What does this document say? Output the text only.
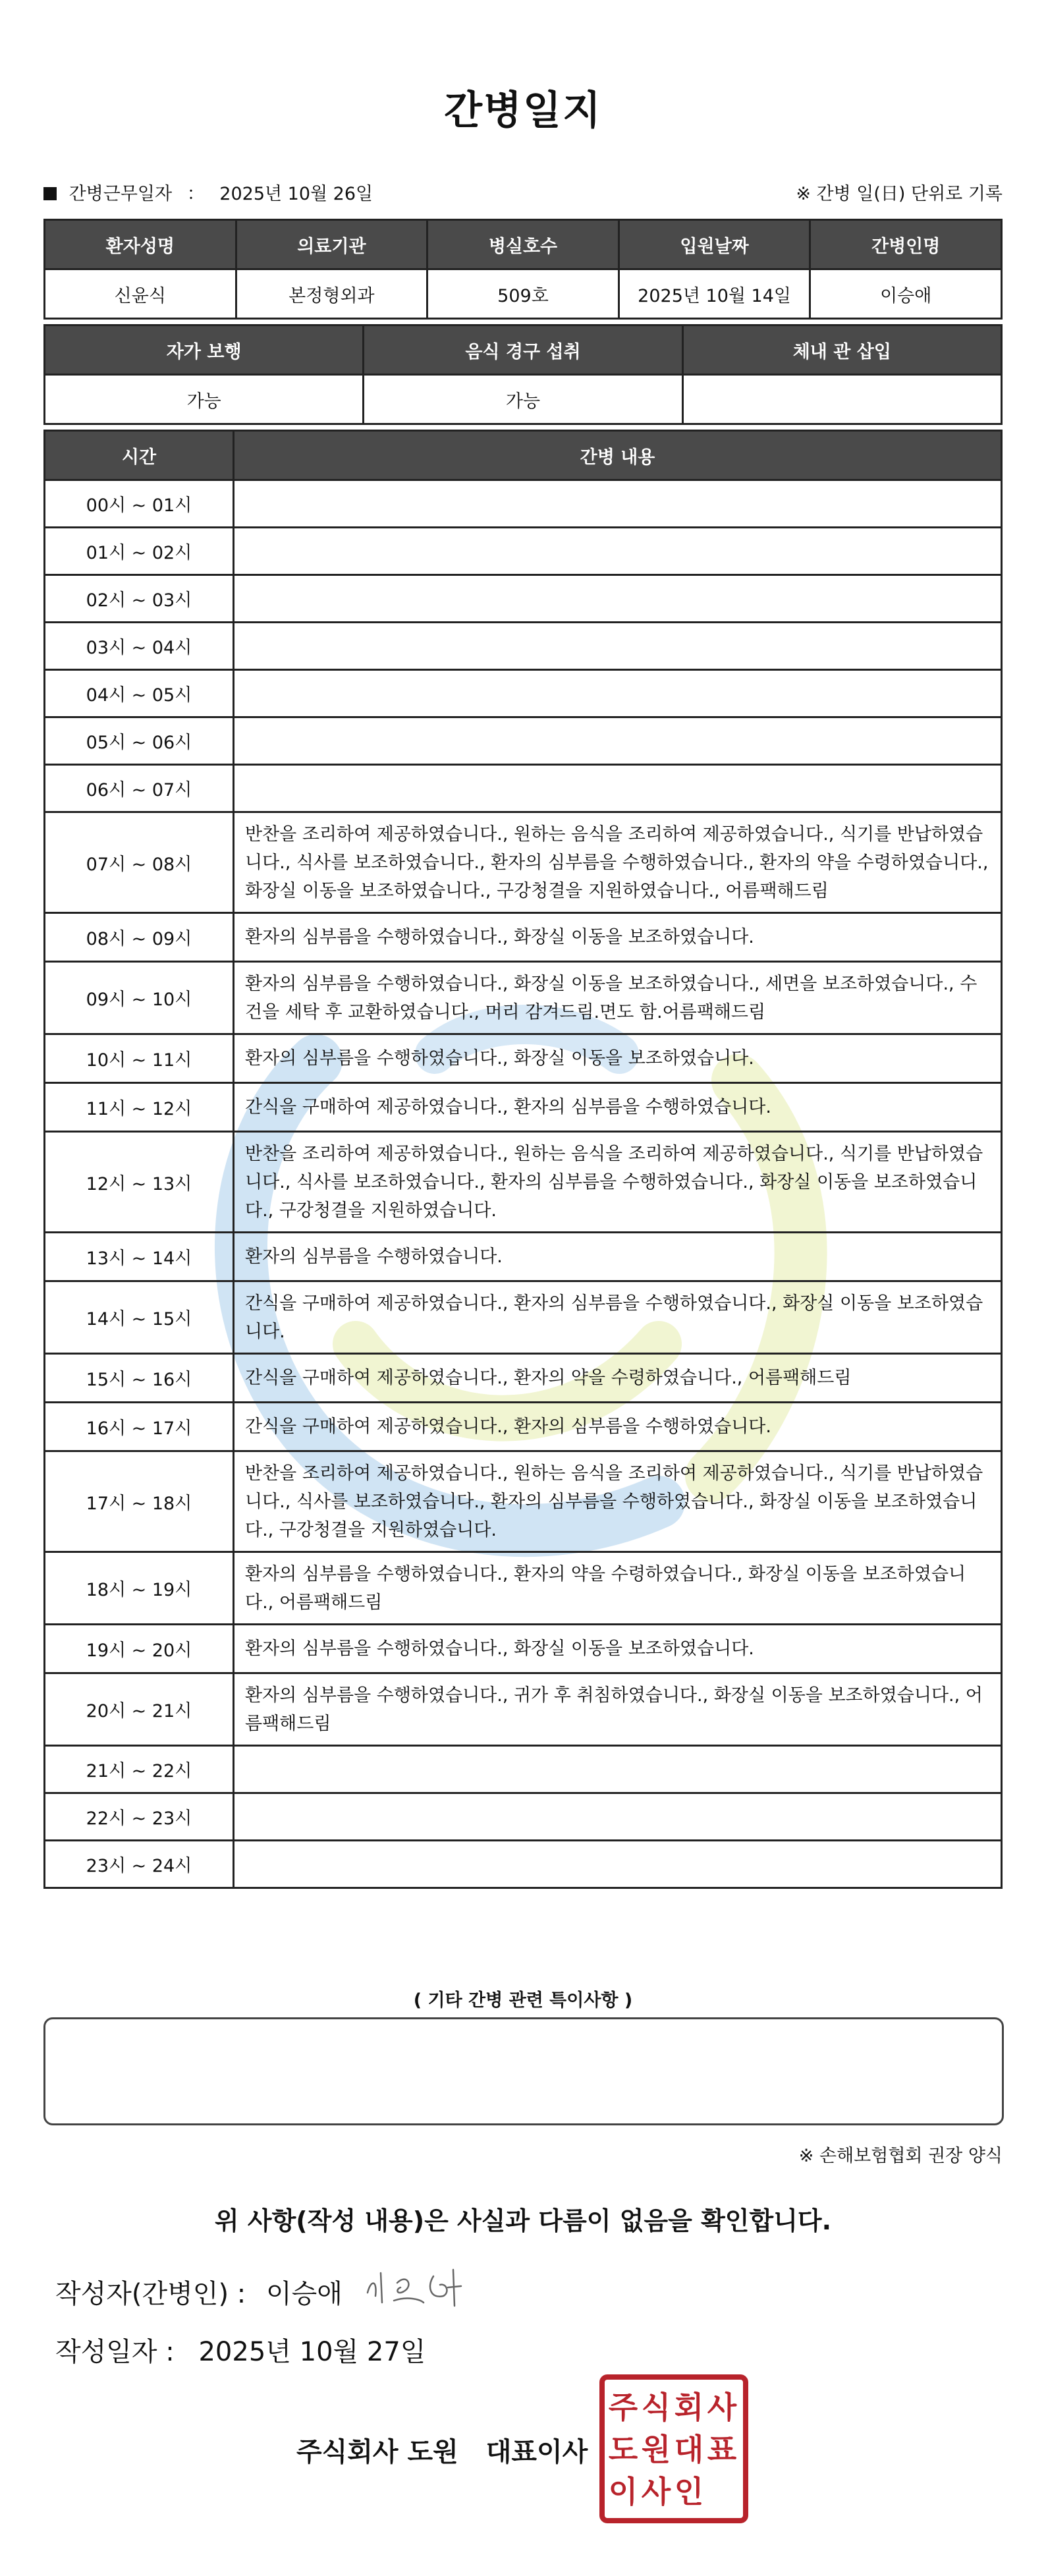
간병일지
간병근무일자 ： 2025년 10월 26일	※ 간병 일(日) 단위로 기록
환자성명	의료기관	병실호수	입원날짜	간병인명
신윤식	본정형외과	509호	2025년 10월 14일	이승애
자가 보행	음식 경구 섭취	체내 관 삽입
가능	가능	
시간	간병 내용
00시 ~ 01시	
01시 ~ 02시	
02시 ~ 03시	
03시 ~ 04시	
04시 ~ 05시	
05시 ~ 06시	
06시 ~ 07시	
07시 ~ 08시	반찬을 조리하여 제공하였습니다., 원하는 음식을 조리하여 제공하였습니다., 식기를 반납하였습니다., 식사를 보조하였습니다., 환자의 심부름을 수행하였습니다., 환자의 약을 수령하였습니다., 화장실 이동을 보조하였습니다., 구강청결을 지원하였습니다., 어름팩해드림
08시 ~ 09시	환자의 심부름을 수행하였습니다., 화장실 이동을 보조하였습니다.
09시 ~ 10시	환자의 심부름을 수행하였습니다., 화장실 이동을 보조하였습니다., 세면을 보조하였습니다., 수건을 세탁 후 교환하였습니다., 머리 감겨드림.면도 함.어름팩해드림
10시 ~ 11시	환자의 심부름을 수행하였습니다., 화장실 이동을 보조하였습니다.
11시 ~ 12시	간식을 구매하여 제공하였습니다., 환자의 심부름을 수행하였습니다.
12시 ~ 13시	반찬을 조리하여 제공하였습니다., 원하는 음식을 조리하여 제공하였습니다., 식기를 반납하였습니다., 식사를 보조하였습니다., 환자의 심부름을 수행하였습니다., 화장실 이동을 보조하였습니다., 구강청결을 지원하였습니다.
13시 ~ 14시	환자의 심부름을 수행하였습니다.
14시 ~ 15시	간식을 구매하여 제공하였습니다., 환자의 심부름을 수행하였습니다., 화장실 이동을 보조하였습니다.
15시 ~ 16시	간식을 구매하여 제공하였습니다., 환자의 약을 수령하였습니다., 어름팩해드림
16시 ~ 17시	간식을 구매하여 제공하였습니다., 환자의 심부름을 수행하였습니다.
17시 ~ 18시	반찬을 조리하여 제공하였습니다., 원하는 음식을 조리하여 제공하였습니다., 식기를 반납하였습니다., 식사를 보조하였습니다., 환자의 심부름을 수행하였습니다., 화장실 이동을 보조하였습니다., 구강청결을 지원하였습니다.
18시 ~ 19시	환자의 심부름을 수행하였습니다., 환자의 약을 수령하였습니다., 화장실 이동을 보조하였습니다., 어름팩해드림
19시 ~ 20시	환자의 심부름을 수행하였습니다., 화장실 이동을 보조하였습니다.
20시 ~ 21시	환자의 심부름을 수행하였습니다., 귀가 후 취침하였습니다., 화장실 이동을 보조하였습니다., 어름팩해드림
21시 ~ 22시	
22시 ~ 23시	
23시 ~ 24시	
( 기타 간병 관련 특이사항 )
※ 손해보험협회 권장 양식
위 사항(작성 내용)은 사실과 다름이 없음을 확인합니다.
작성자(간병인) : 이승애
작성일자 : 2025년 10월 27일
주식회사 도원 대표이사
주 식 회 사
도 원 대 표
이 사 인
